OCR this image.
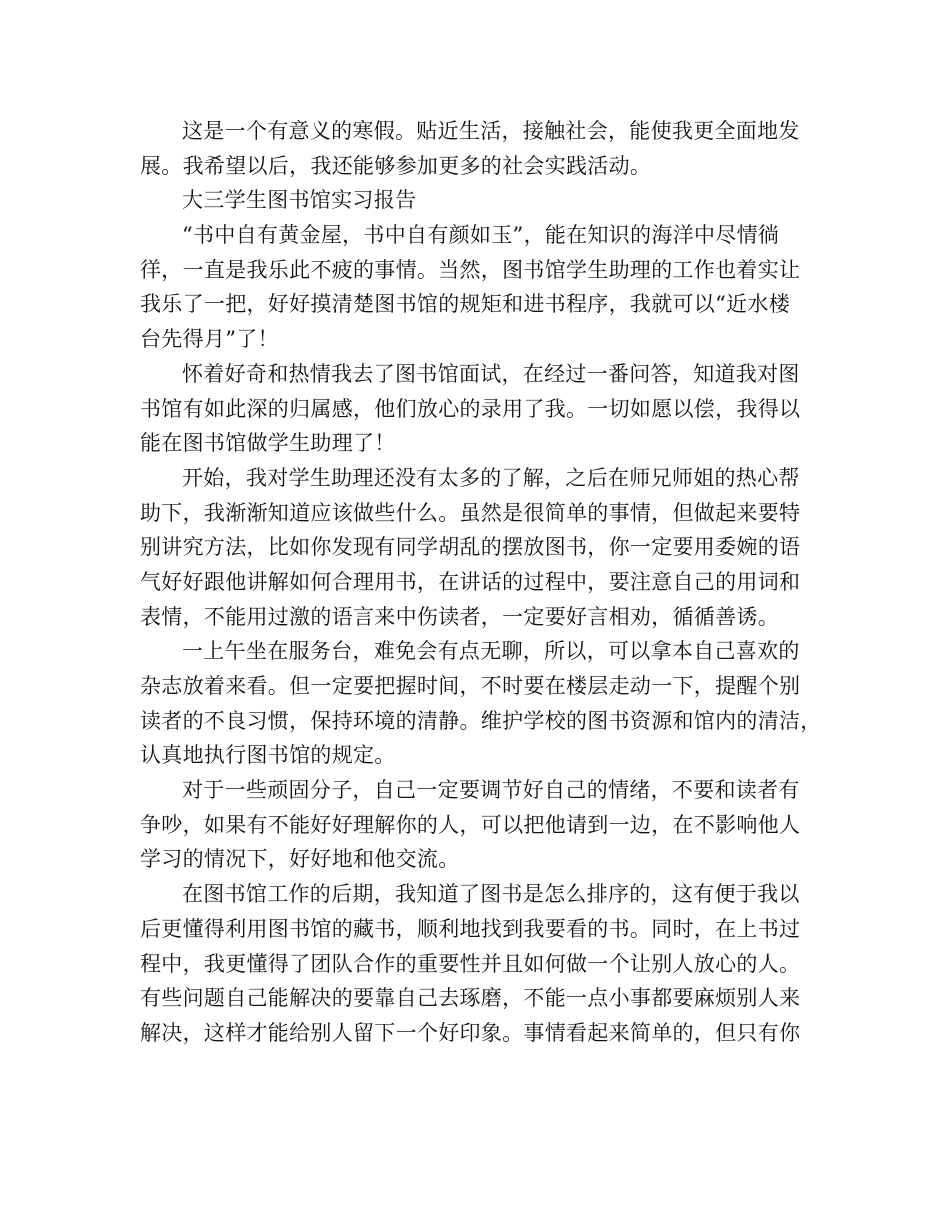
这是一个有意义的寒假。贴近生活，接触社会，能使我更全面地发
展。我希望以后，我还能够参加更多的社会实践活动。
大三学生图书馆实习报告
“书中自有黄金屋，书中自有颜如玉”，能在知识的海洋中尽情徜
徉，一直是我乐此不疲的事情。当然，图书馆学生助理的工作也着实让
我乐了一把，好好摸清楚图书馆的规矩和进书程序，我就可以“近水楼
台先得月”了！
怀着好奇和热情我去了图书馆面试，在经过一番问答，知道我对图
书馆有如此深的归属感，他们放心的录用了我。一切如愿以偿，我得以
能在图书馆做学生助理了！
开始，我对学生助理还没有太多的了解，之后在师兄师姐的热心帮
助下，我渐渐知道应该做些什么。虽然是很简单的事情，但做起来要特
别讲究方法，比如你发现有同学胡乱的摆放图书，你一定要用委婉的语
气好好跟他讲解如何合理用书，在讲话的过程中，要注意自己的用词和
表情，不能用过激的语言来中伤读者，一定要好言相劝，循循善诱。
一上午坐在服务台，难免会有点无聊，所以，可以拿本自己喜欢的
杂志放着来看。但一定要把握时间，不时要在楼层走动一下，提醒个别
读者的不良习惯，保持环境的清静。维护学校的图书资源和馆内的清洁，
认真地执行图书馆的规定。
对于一些顽固分子，自己一定要调节好自己的情绪，不要和读者有
争吵，如果有不能好好理解你的人，可以把他请到一边，在不影响他人
学习的情况下，好好地和他交流。
在图书馆工作的后期，我知道了图书是怎么排序的，这有便于我以
后更懂得利用图书馆的藏书，顺利地找到我要看的书。同时，在上书过
程中，我更懂得了团队合作的重要性并且如何做一个让别人放心的人。
有些问题自己能解决的要靠自己去琢磨，不能一点小事都要麻烦别人来
解决，这样才能给别人留下一个好印象。事情看起来简单的，但只有你
